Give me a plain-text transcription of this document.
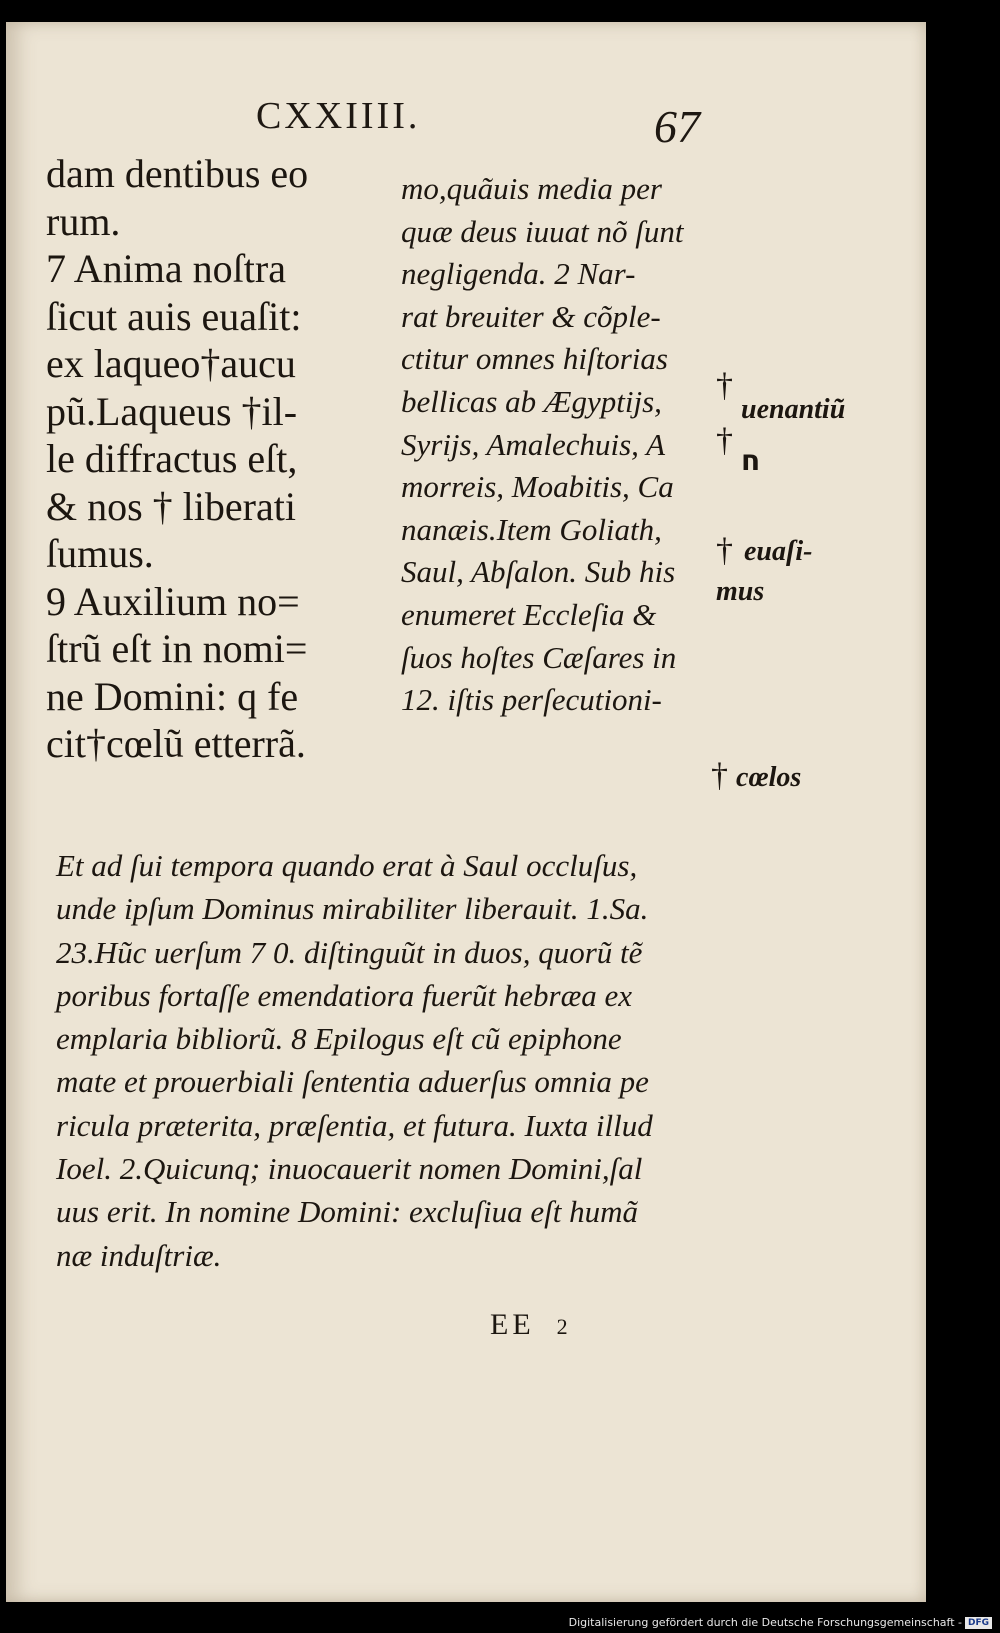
CXXIIII.	67
dam dentibus eo
rum.
7 Anima noſtra
ſicut auis euaſit:
ex laqueo†aucu
pũ.Laqueus †il-
le diffractus eſt,
& nos † liberati
ſumus.
9 Auxilium no=
ſtrũ eſt in nomi=
ne Domini: q fe
cit†cœlũ etterrã.
mo,quãuis media per
quæ deus iuuat nõ ſunt
negligenda. 2 Nar-
rat breuiter & cõple-
ctitur omnes hiſtorias
bellicas ab Ægyptijs,
Syrijs, Amalechuis, A
morreis, Moabitis, Ca
nanæis.Item Goliath,
Saul, Abſalon. Sub his
enumeret Eccleſia &
ſuos hoſtes Cæſares in
12. iſtis perſecutioni-
†
uenantiũ
†
ח
† euaſi-
mus
† cœlos
Et ad ſui tempora quando erat à Saul occluſus,
unde ipſum Dominus mirabiliter liberauit. 1.Sa.
23.Hũc uerſum 7 0. diſtinguũt in duos, quorũ tẽ
poribus fortaſſe emendatiora fuerũt hebræa ex
emplaria bibliorũ. 8 Epilogus eſt cũ epiphone
mate et prouerbiali ſententia aduerſus omnia pe
ricula præterita, præſentia, et futura. Iuxta illud
Ioel. 2.Quicunq; inuocauerit nomen Domini,ſal
uus erit. In nomine Domini: excluſiua eſt humã
næ induſtriæ.
EE 2
Digitalisierung gefördert durch die Deutsche Forschungsgemeinschaft - DFG
